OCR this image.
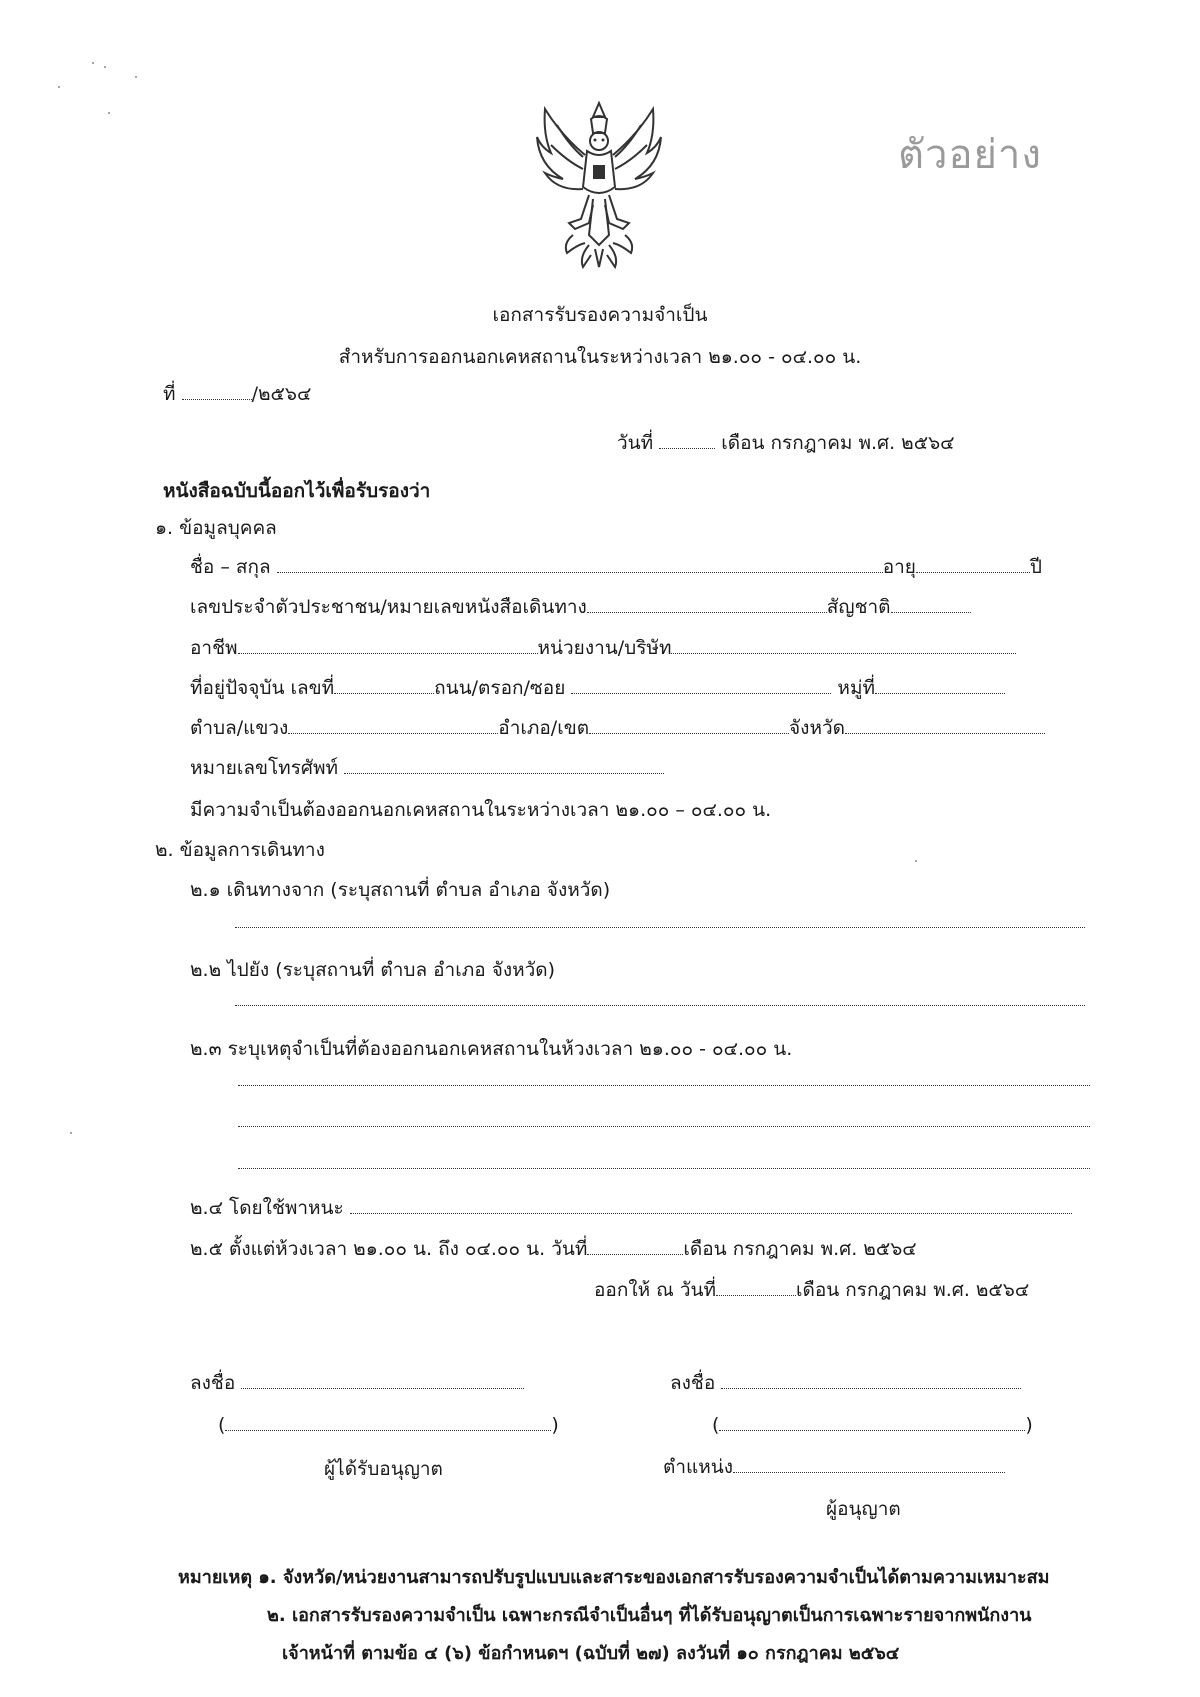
ตัวอย่าง
เอกสารรับรองความจำเป็น
สำหรับการออกนอกเคหสถานในระหว่างเวลา ๒๑.๐๐ - ๐๔.๐๐ น.
ที่	/๒๕๖๔
วันที่	เดือน กรกฎาคม พ.ศ. ๒๕๖๔
หนังสือฉบับนี้ออกไว้เพื่อรับรองว่า
๑. ข้อมูลบุคคล
ชื่อ – สกุล	อายุ	ปี
เลขประจำตัวประชาชน/หมายเลขหนังสือเดินทาง	สัญชาติ
อาชีพ	หน่วยงาน/บริษัท
ที่อยู่ปัจจุบัน เลขที่	ถนน/ตรอก/ซอย	หมู่ที่
ตำบล/แขวง	อำเภอ/เขต	จังหวัด
หมายเลขโทรศัพท์
มีความจำเป็นต้องออกนอกเคหสถานในระหว่างเวลา ๒๑.๐๐ – ๐๔.๐๐ น.
๒. ข้อมูลการเดินทาง
๒.๑ เดินทางจาก (ระบุสถานที่ ตำบล อำเภอ จังหวัด)
๒.๒ ไปยัง (ระบุสถานที่ ตำบล อำเภอ จังหวัด)
๒.๓ ระบุเหตุจำเป็นที่ต้องออกนอกเคหสถานในห้วงเวลา ๒๑.๐๐ - ๐๔.๐๐ น.
๒.๔ โดยใช้พาหนะ
๒.๕ ตั้งแต่ห้วงเวลา ๒๑.๐๐ น. ถึง ๐๔.๐๐ น. วันที่	เดือน กรกฎาคม พ.ศ. ๒๕๖๔
ออกให้ ณ วันที่	เดือน กรกฎาคม พ.ศ. ๒๕๖๔
ลงชื่อ
(	)
ผู้ได้รับอนุญาต
ลงชื่อ
(	)
ตำแหน่ง
ผู้อนุญาต
หมายเหตุ ๑. จังหวัด/หน่วยงานสามารถปรับรูปแบบและสาระของเอกสารรับรองความจำเป็นได้ตามความเหมาะสม
๒. เอกสารรับรองความจำเป็น เฉพาะกรณีจำเป็นอื่นๆ ที่ได้รับอนุญาตเป็นการเฉพาะรายจากพนักงาน
เจ้าหน้าที่ ตามข้อ ๔ (๖) ข้อกำหนดฯ (ฉบับที่ ๒๗) ลงวันที่ ๑๐ กรกฎาคม ๒๕๖๔
